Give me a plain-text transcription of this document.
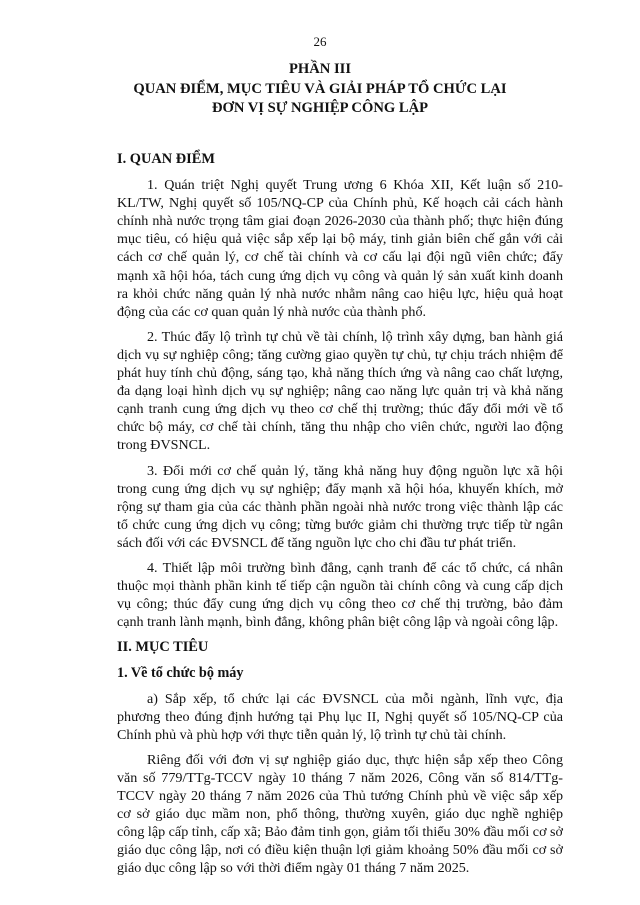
26
PHẦN III
QUAN ĐIỂM, MỤC TIÊU VÀ GIẢI PHÁP TỔ CHỨC LẠI
ĐƠN VỊ SỰ NGHIỆP CÔNG LẬP
I. QUAN ĐIỂM

1. Quán triệt Nghị quyết Trung ương 6 Khóa XII, Kết luận số 210-KL/TW, Nghị quyết số 105/NQ-CP của Chính phủ, Kế hoạch cải cách hành chính nhà nước trọng tâm giai đoạn 2026-2030 của thành phố; thực hiện đúng mục tiêu, có hiệu quả việc sắp xếp lại bộ máy, tinh giản biên chế gắn với cải cách cơ chế quản lý, cơ chế tài chính và cơ cấu lại đội ngũ viên chức; đẩy mạnh xã hội hóa, tách cung ứng dịch vụ công và quản lý sản xuất kinh doanh ra khỏi chức năng quản lý nhà nước nhằm nâng cao hiệu lực, hiệu quả hoạt động của các cơ quan quản lý nhà nước của thành phố.

2. Thúc đẩy lộ trình tự chủ về tài chính, lộ trình xây dựng, ban hành giá dịch vụ sự nghiệp công; tăng cường giao quyền tự chủ, tự chịu trách nhiệm để phát huy tính chủ động, sáng tạo, khả năng thích ứng và nâng cao chất lượng, đa dạng loại hình dịch vụ sự nghiệp; nâng cao năng lực quản trị và khả năng cạnh tranh cung ứng dịch vụ theo cơ chế thị trường; thúc đẩy đổi mới về tổ chức bộ máy, cơ chế tài chính, tăng thu nhập cho viên chức, người lao động trong ĐVSNCL.

3. Đổi mới cơ chế quản lý, tăng khả năng huy động nguồn lực xã hội trong cung ứng dịch vụ sự nghiệp; đẩy mạnh xã hội hóa, khuyến khích, mở rộng sự tham gia của các thành phần ngoài nhà nước trong việc thành lập các tổ chức cung ứng dịch vụ công; từng bước giảm chi thường trực tiếp từ ngân sách đối với các ĐVSNCL để tăng nguồn lực cho chi đầu tư phát triển.

4. Thiết lập môi trường bình đẳng, cạnh tranh để các tổ chức, cá nhân thuộc mọi thành phần kinh tế tiếp cận nguồn tài chính công và cung cấp dịch vụ công; thúc đẩy cung ứng dịch vụ công theo cơ chế thị trường, bảo đảm cạnh tranh lành mạnh, bình đẳng, không phân biệt công lập và ngoài công lập.

II. MỤC TIÊU
1. Về tổ chức bộ máy

a) Sắp xếp, tổ chức lại các ĐVSNCL của mỗi ngành, lĩnh vực, địa phương theo đúng định hướng tại Phụ lục II, Nghị quyết số 105/NQ-CP của Chính phủ và phù hợp với thực tiễn quản lý, lộ trình tự chủ tài chính.

Riêng đối với đơn vị sự nghiệp giáo dục, thực hiện sắp xếp theo Công văn số 779/TTg-TCCV ngày 10 tháng 7 năm 2026, Công văn số 814/TTg-TCCV ngày 20 tháng 7 năm 2026 của Thủ tướng Chính phủ về việc sắp xếp cơ sở giáo dục mầm non, phổ thông, thường xuyên, giáo dục nghề nghiệp công lập cấp tỉnh, cấp xã; Bảo đảm tinh gọn, giảm tối thiểu 30% đầu mối cơ sở giáo dục công lập, nơi có điều kiện thuận lợi giảm khoảng 50% đầu mối cơ sở giáo dục công lập so với thời điểm ngày 01 tháng 7 năm 2025.
